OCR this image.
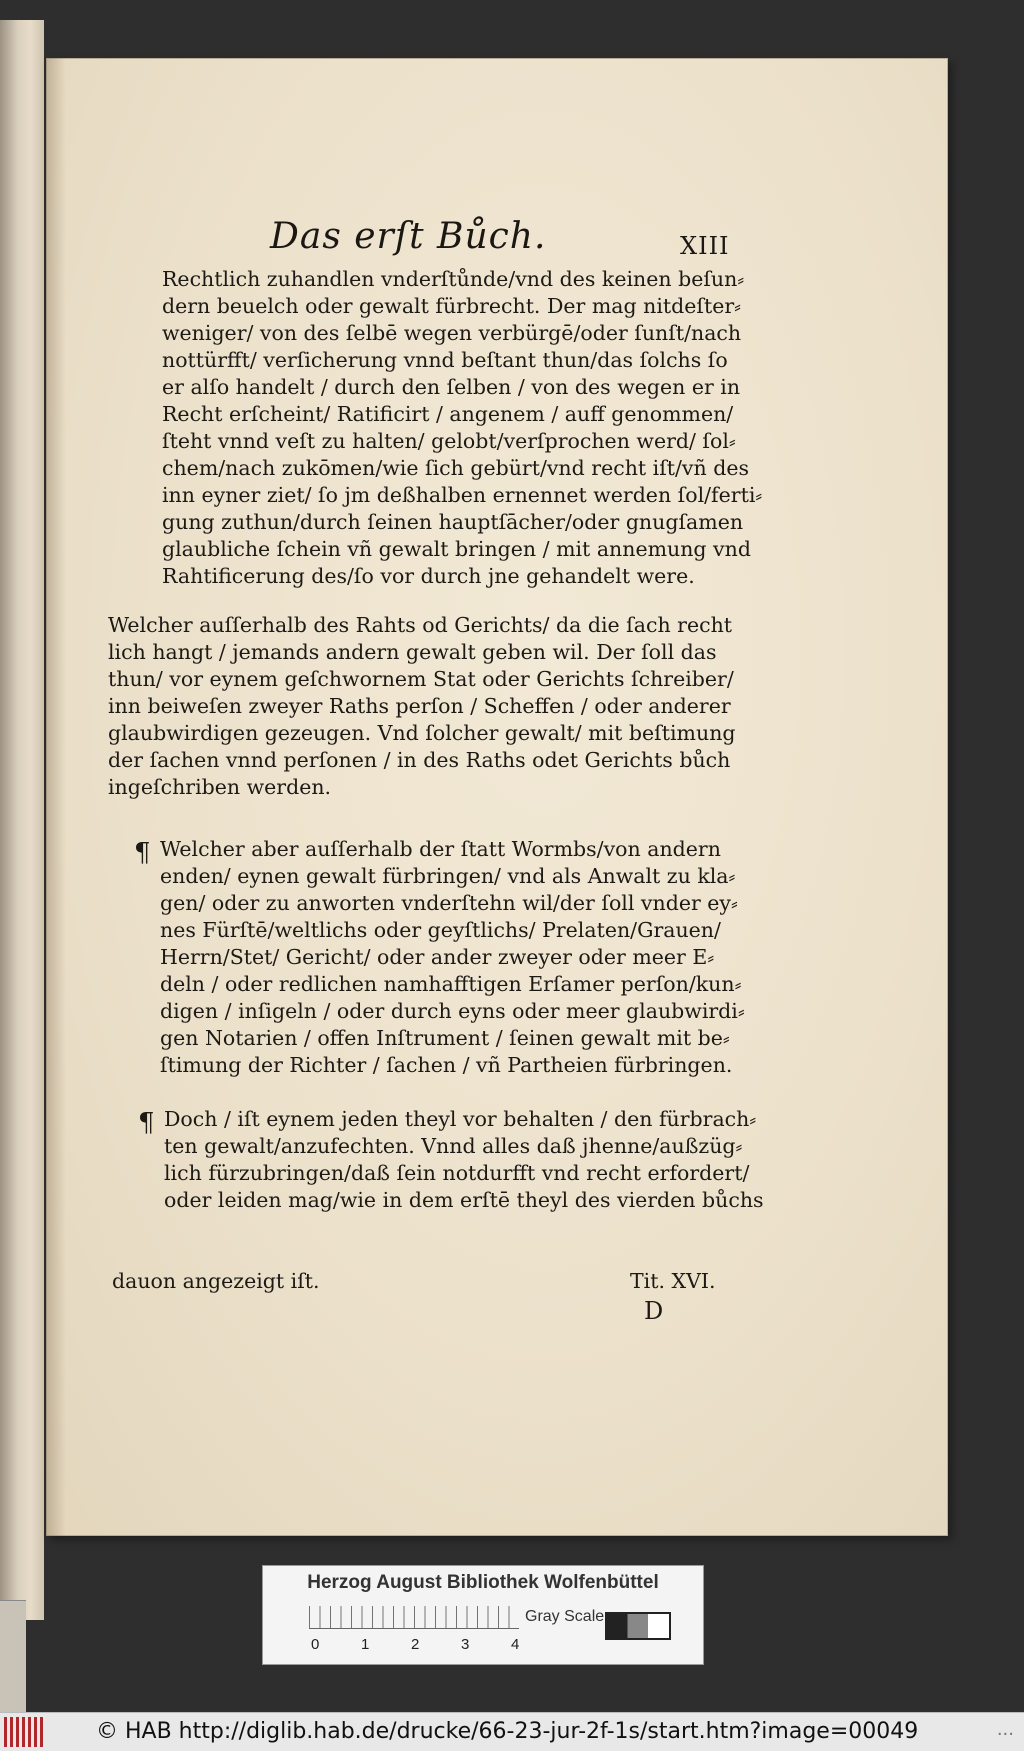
Das erſt Bůch.	XIII
Rechtlich zuhandlen vnderſtůnde/vnd des keinen beſun⸗
dern beuelch oder gewalt fürbrecht. Der mag nitdeſter⸗
weniger/ von des ſelbē wegen verbürgē/oder ſunſt/nach
nottürfft/ verſicherung vnnd beſtant thun/das ſolchs ſo
er alſo handelt / durch den ſelben / von des wegen er in
Recht erſcheint/ Ratificirt / angenem / auff genommen/
ſteht vnnd veſt zu halten/ gelobt/verſprochen werd/ ſol⸗
chem/nach zukōmen/wie ſich gebürt/vnd recht iſt/vñ des
inn eyner ziet/ ſo jm deßhalben ernennet werden ſol/ferti⸗
gung zuthun/durch ſeinen hauptſācher/oder gnugſamen
glaubliche ſchein vñ gewalt bringen / mit annemung vnd
Rahtificerung des/ſo vor durch jne gehandelt were.
Welcher auſſerhalb des Rahts od Gerichts/ da die ſach recht
lich hangt / jemands andern gewalt geben wil. Der ſoll das
thun/ vor eynem geſchwornem Stat oder Gerichts ſchreiber/
inn beiweſen zweyer Raths perſon / Scheffen / oder anderer
glaubwirdigen gezeugen. Vnd ſolcher gewalt/ mit beſtimung
der ſachen vnnd perſonen / in des Raths odet Gerichts bůch
ingeſchriben werden.
¶ Welcher aber auſſerhalb der ſtatt Wormbs/von andern
enden/ eynen gewalt fürbringen/ vnd als Anwalt zu kla⸗
gen/ oder zu anworten vnderſtehn wil/der ſoll vnder ey⸗
nes Fürſtē/weltlichs oder geyſtlichs/ Prelaten/Grauen/
Herrn/Stet/ Gericht/ oder ander zweyer oder meer E⸗
deln / oder redlichen namhafftigen Erſamer perſon/kun⸗
digen / inſigeln / oder durch eyns oder meer glaubwirdi⸗
gen Notarien / offen Inſtrument / ſeinen gewalt mit be⸗
ſtimung der Richter / ſachen / vñ Partheien fürbringen.
¶ Doch / iſt eynem jeden theyl vor behalten / den fürbrach⸗
ten gewalt/anzufechten. Vnnd alles daß jhenne/außzüg⸗
lich fürzubringen/daß ſein notdurfft vnd recht erfordert/
oder leiden mag/wie in dem erſtē theyl des vierden bůchs
dauon angezeigt iſt.	Tit. XVI.
D
Herzog August Bibliothek Wolfenbüttel
0	1	2	3	4
Gray Scale
© HAB http://diglib.hab.de/drucke/66-23-jur-2f-1s/start.htm?image=00049	...
